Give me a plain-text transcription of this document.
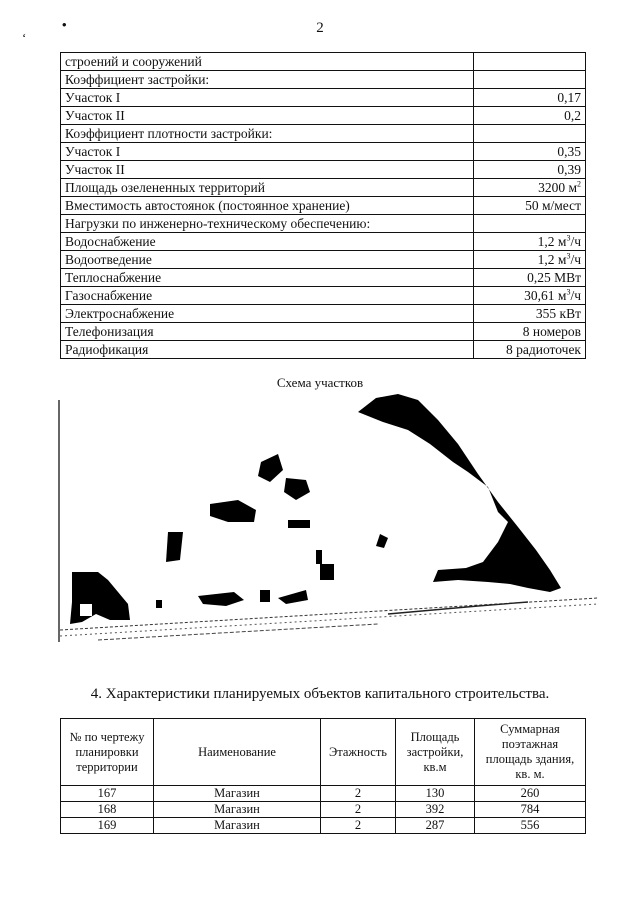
‘
•	2
строений и сооружений	
Коэффициент застройки:	
Участок I	0,17
Участок II	0,2
Коэффициент плотности застройки:	
Участок I	0,35
Участок II	0,39
Площадь озелененных территорий	3200 $м^2$
Вместимость автостоянок (постоянное хранение)	50 м/мест
Нагрузки по инженерно-техническому обеспечению:	
Водоснабжение	1,2 $м^3/ч$
Водоотведение	1,2 $м^3/ч$
Теплоснабжение	0,25 МВт
Газоснабжение	30,61 $м^3/ч$
Электроснабжение	355 кВт
Телефонизация	8 номеров
Радиофикация	8 радиоточек
Схема участков
4. Характеристики планируемых объектов капитального строительства.
№ по чертежу планировки территории	Наименование	Этажность	Площадь застройки, кв.м	Суммарная поэтажная площадь здания, кв. м.
167	Магазин	2	130	260
168	Магазин	2	392	784
169	Магазин	2	287	556
